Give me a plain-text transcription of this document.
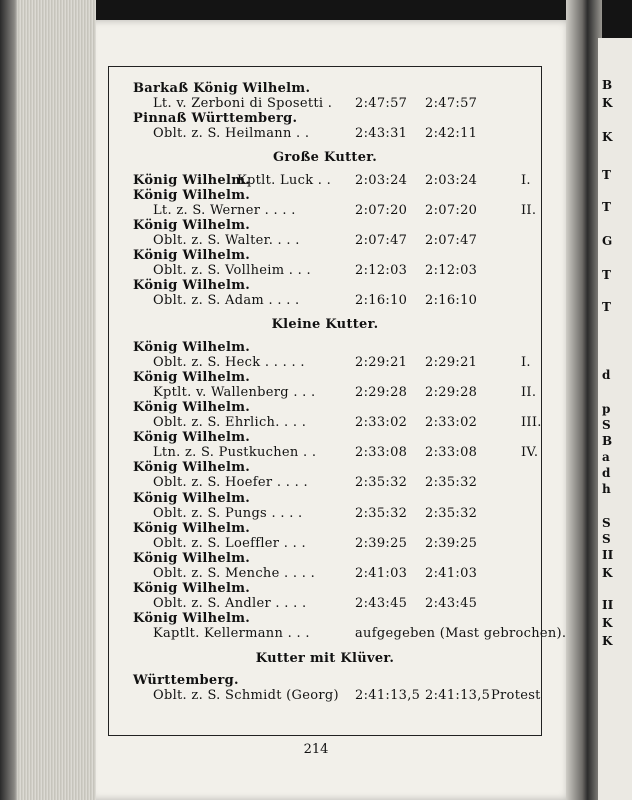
B
K
K
T
T
G
T
T
d
p
S
B
a
d
h
S
S
II
K
II
K
K
Barkaß König Wilhelm.
Lt. v. Zerboni di Sposetti . 2:47:57 2:47:57
Pinnaß Württemberg.
Oblt. z. S. Heilmann . .	2:43:31 2:42:11
Große Kutter.
König Wilhelm.
Kptlt. Luck . . 2:03:24 2:03:24	I.
König Wilhelm.
Lt. z. S. Werner . . . .	2:07:20 2:07:20	II.
König Wilhelm.
Oblt. z. S. Walter. . . .	2:07:47 2:07:47
König Wilhelm.
Oblt. z. S. Vollheim . . .	2:12:03 2:12:03
König Wilhelm.
Oblt. z. S. Adam . . . .	2:16:10 2:16:10
Kleine Kutter.
König Wilhelm.
Oblt. z. S. Heck . . . . .	2:29:21 2:29:21	I.
König Wilhelm.
Kptlt. v. Wallenberg . . .	2:29:28 2:29:28	II.
König Wilhelm.
Oblt. z. S. Ehrlich. . . .	2:33:02 2:33:02	III.
König Wilhelm.
Ltn. z. S. Pustkuchen . .	2:33:08 2:33:08	IV.
König Wilhelm.
Oblt. z. S. Hoefer . . . .	2:35:32 2:35:32
König Wilhelm.
Oblt. z. S. Pungs . . . .	2:35:32 2:35:32
König Wilhelm.
Oblt. z. S. Loeffler . . .	2:39:25 2:39:25
König Wilhelm.
Oblt. z. S. Menche . . . .	2:41:03 2:41:03
König Wilhelm.
Oblt. z. S. Andler . . . .	2:43:45 2:43:45
König Wilhelm.
Kaptlt. Kellermann . . .	aufgegeben (Mast gebrochen).
Kutter mit Klüver.
Württemberg.
Oblt. z. S. Schmidt (Georg) 2:41:13,5 2:41:13,5 Protest
214
